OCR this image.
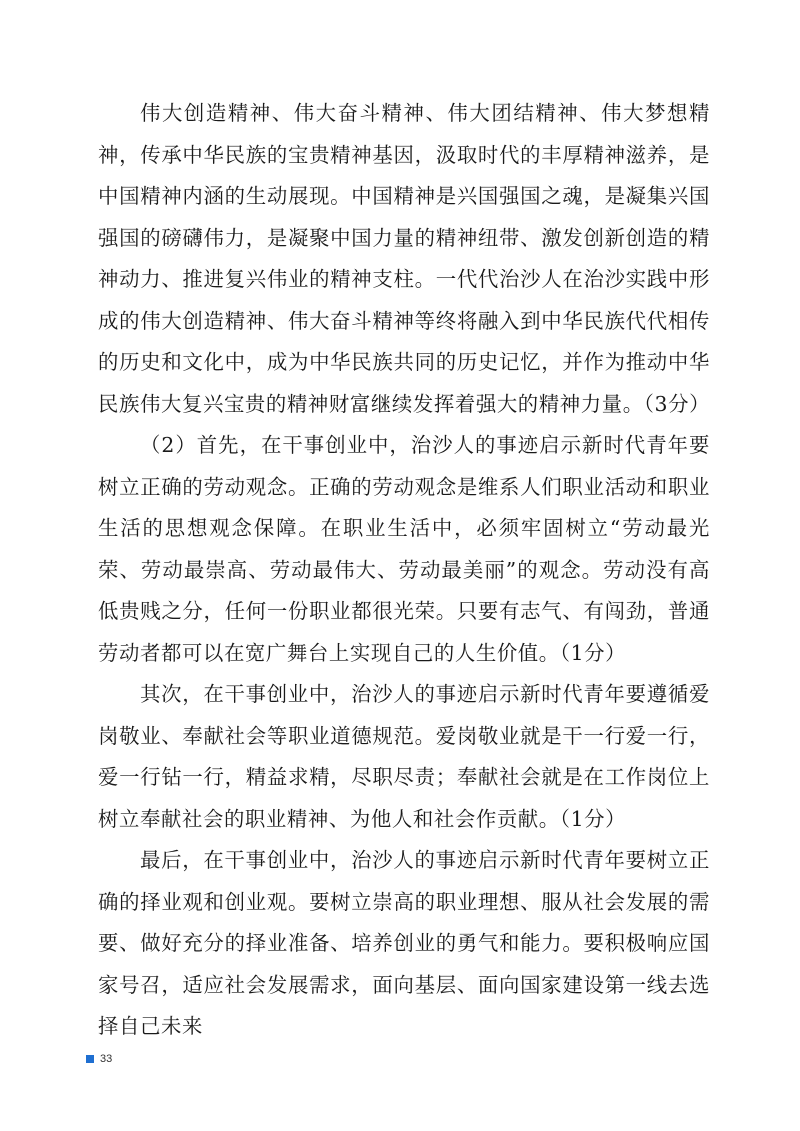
伟大创造精神、伟大奋斗精神、伟大团结精神、伟大梦想精神，传承中华民族的宝贵精神基因，汲取时代的丰厚精神滋养，是中国精神内涵的生动展现。中国精神是兴国强国之魂，是凝集兴国强国的磅礴伟力，是凝聚中国力量的精神纽带、激发创新创造的精神动力、推进复兴伟业的精神支柱。一代代治沙人在治沙实践中形成的伟大创造精神、伟大奋斗精神等终将融入到中华民族代代相传的历史和文化中，成为中华民族共同的历史记忆，并作为推动中华民族伟大复兴宝贵的精神财富继续发挥着强大的精神力量。（3分）

（2）首先，在干事创业中，治沙人的事迹启示新时代青年要树立正确的劳动观念。正确的劳动观念是维系人们职业活动和职业生活的思想观念保障。在职业生活中，必须牢固树立“劳动最光荣、劳动最崇高、劳动最伟大、劳动最美丽”的观念。劳动没有高低贵贱之分，任何一份职业都很光荣。只要有志气、有闯劲，普通劳动者都可以在宽广舞台上实现自己的人生价值。（1分）

其次，在干事创业中，治沙人的事迹启示新时代青年要遵循爱岗敬业、奉献社会等职业道德规范。爱岗敬业就是干一行爱一行，爱一行钻一行，精益求精，尽职尽责；奉献社会就是在工作岗位上树立奉献社会的职业精神、为他人和社会作贡献。（1分）

最后，在干事创业中，治沙人的事迹启示新时代青年要树立正确的择业观和创业观。要树立崇高的职业理想、服从社会发展的需要、做好充分的择业准备、培养创业的勇气和能力。要积极响应国家号召，适应社会发展需求，面向基层、面向国家建设第一线去选择自己未来

33
